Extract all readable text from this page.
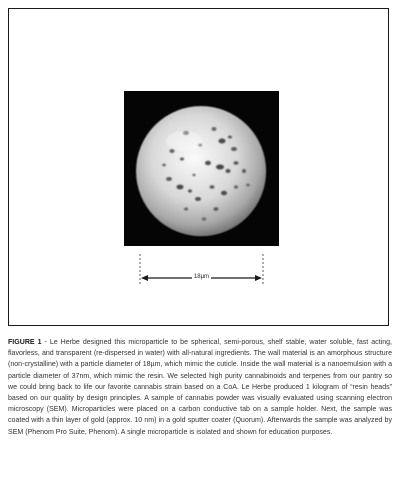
18µm

FIGURE 1 - Le Herbe designed this microparticle to be spherical, semi-porous, shelf stable, water soluble, fast acting, flavorless, and transparent (re-dispersed in water) with all-natural ingredients. The wall material is an amorphous structure (non-crystalline) with a particle diameter of 18µm, which mimic the cuticle. Inside the wall material is a nanoemulsion with a particle diameter of 37nm, which mimic the resin. We selected high purity cannabinoids and terpenes from our pantry so we could bring back to life our favorite cannabis strain based on a CoA. Le Herbe produced 1 kilogram of “resin heads” based on our quality by design principles. A sample of cannabis powder was visually evaluated using scanning electron microscopy (SEM). Microparticles were placed on a carbon conductive tab on a sample holder. Next, the sample was coated with a thin layer of gold (approx. 10 nm) in a gold sputter coater (Quorum). Afterwards the sample was analyzed by SEM (Phenom Pro Suite, Phenom). A single microparticle is isolated and shown for education purposes.
